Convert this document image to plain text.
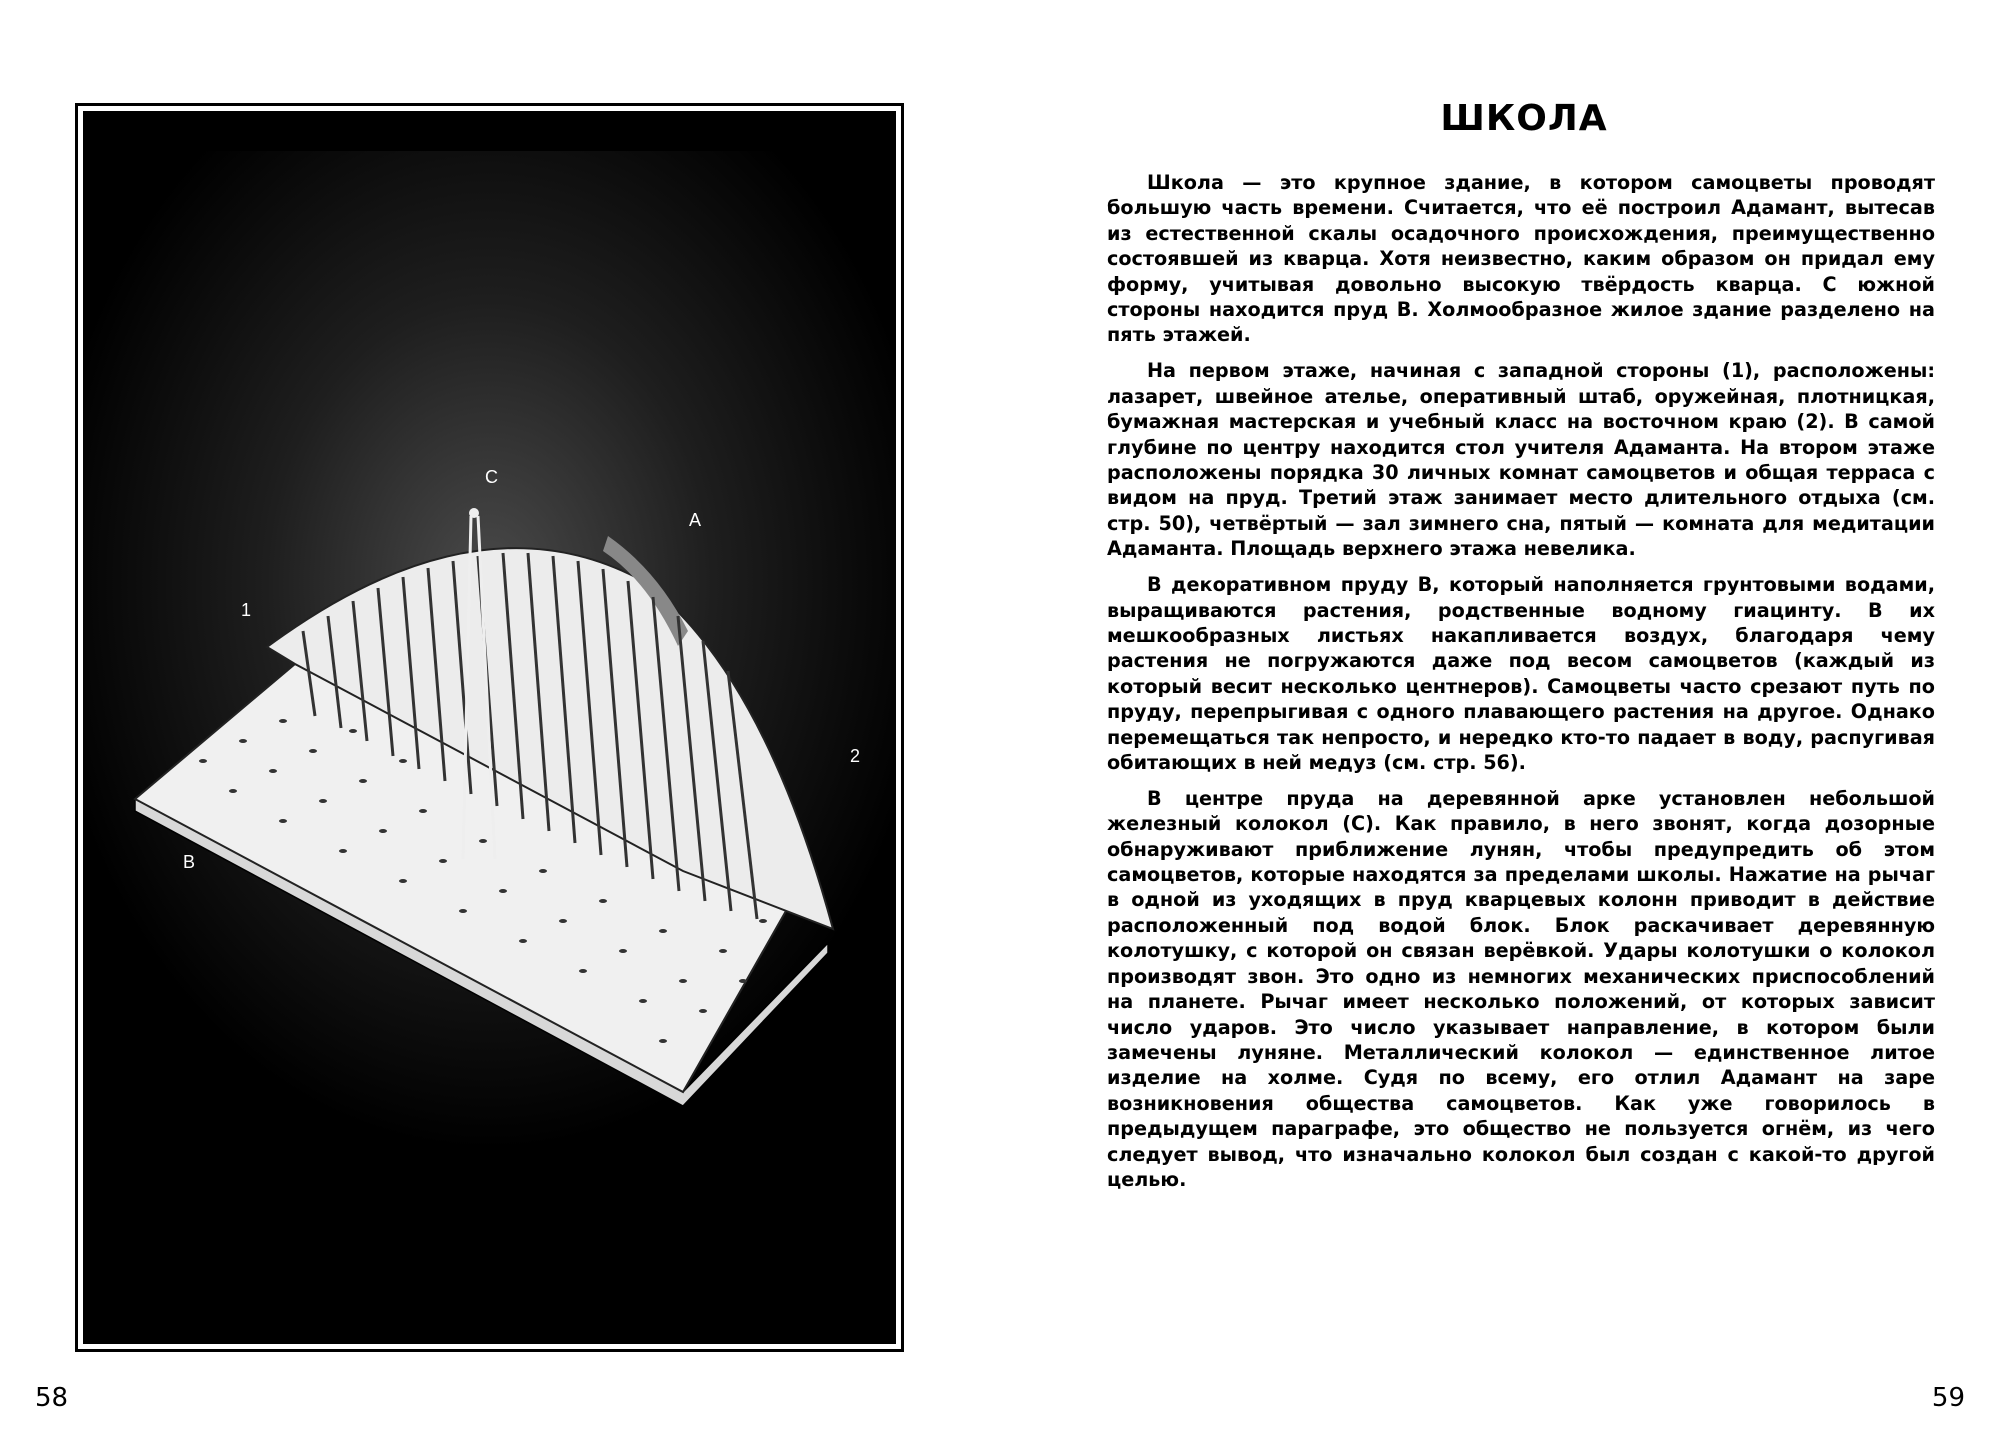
C
A
1
2
B
58
ШКОЛА

Школа — это крупное здание, в котором самоцветы проводят большую часть времени. Считается, что её построил Адамант, вытесав из естественной скалы осадочного происхождения, преимущественно состоявшей из кварца. Хотя неизвестно, каким образом он придал ему форму, учитывая довольно высокую твёрдость кварца. С южной стороны находится пруд B. Холмообразное жилое здание разделено на пять этажей.

На первом этаже, начиная с западной стороны (1), расположены: лазарет, швейное ателье, оперативный штаб, оружейная, плотницкая, бумажная мастерская и учебный класс на восточном краю (2). В самой глубине по центру находится стол учителя Адаманта. На втором этаже расположены порядка 30 личных комнат самоцветов и общая терраса с видом на пруд. Третий этаж занимает место длительного отдыха (см. стр. 50), четвёртый — зал зимнего сна, пятый — комната для медитации Адаманта. Площадь верхнего этажа невелика.

В декоративном пруду B, который наполняется грунтовыми водами, выращиваются растения, родственные водному гиацинту. В их мешкообразных листьях накапливается воздух, благодаря чему растения не погружаются даже под весом самоцветов (каждый из который весит несколько центнеров). Самоцветы часто срезают путь по пруду, перепрыгивая с одного плавающего растения на другое. Однако перемещаться так непросто, и нередко кто-то падает в воду, распугивая обитающих в ней медуз (см. стр. 56).

В центре пруда на деревянной арке установлен небольшой железный колокол (C). Как правило, в него звонят, когда дозорные обнаруживают приближение лунян, чтобы предупредить об этом самоцветов, которые находятся за пределами школы. Нажатие на рычаг в одной из уходящих в пруд кварцевых колонн приводит в действие расположенный под водой блок. Блок раскачивает деревянную колотушку, с которой он связан верёвкой. Удары колотушки о колокол производят звон. Это одно из немногих механических приспособлений на планете. Рычаг имеет несколько положений, от которых зависит число ударов. Это число указывает направление, в котором были замечены луняне. Металлический колокол — единственное литое изделие на холме. Судя по всему, его отлил Адамант на заре возникновения общества самоцветов. Как уже говорилось в предыдущем параграфе, это общество не пользуется огнём, из чего следует вывод, что изначально колокол был создан с какой-то другой целью.

59
